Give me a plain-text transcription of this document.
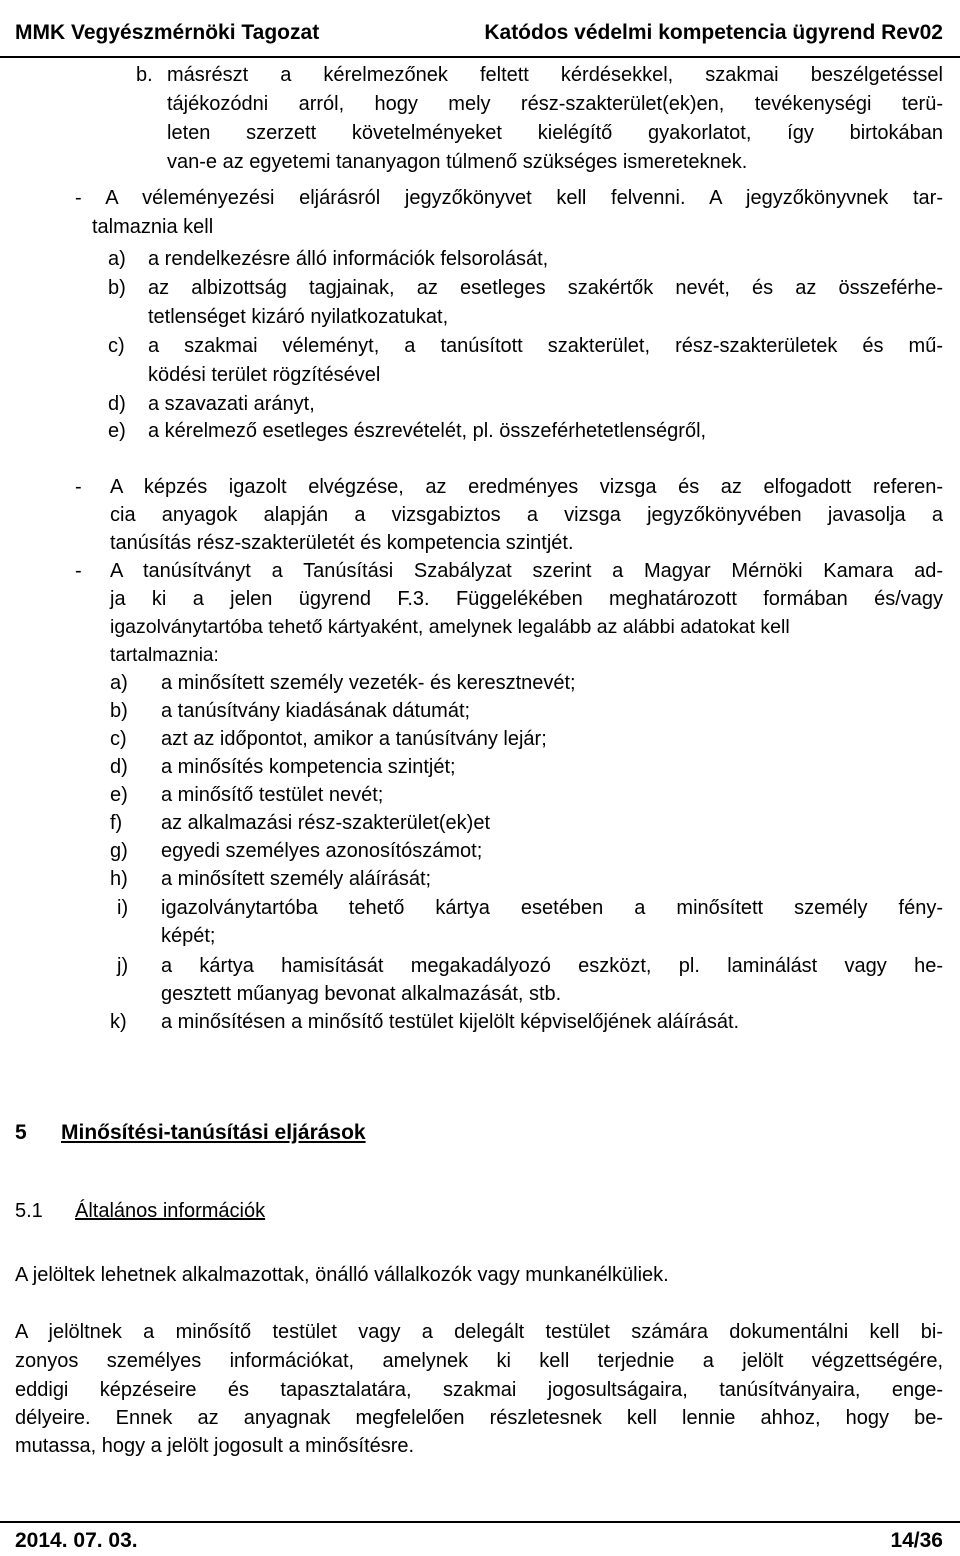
MMK Vegyészmérnöki Tagozat	Katódos védelmi kompetencia ügyrend Rev02
b. másrészt a kérelmezőnek feltett kérdésekkel, szakmai beszélgetéssel
tájékozódni arról, hogy mely rész-szakterület(ek)en, tevékenységi terü-
leten szerzett követelményeket kielégítő gyakorlatot, így birtokában
van-e az egyetemi tananyagon túlmenő szükséges ismereteknek.
- A véleményezési eljárásról jegyzőkönyvet kell felvenni. A jegyzőkönyvnek tar-
talmaznia kell
a) a rendelkezésre álló információk felsorolását,
b) az albizottság tagjainak, az esetleges szakértők nevét, és az összeférhe-
tetlenséget kizáró nyilatkozatukat,
c) a szakmai véleményt, a tanúsított szakterület, rész-szakterületek és mű-
ködési terület rögzítésével
d) a szavazati arányt,
e) a kérelmező esetleges észrevételét, pl. összeférhetetlenségről,
- A képzés igazolt elvégzése, az eredményes vizsga és az elfogadott referen-
cia anyagok alapján a vizsgabiztos a vizsga jegyzőkönyvében javasolja a
tanúsítás rész-szakterületét és kompetencia szintjét.
- A tanúsítványt a Tanúsítási Szabályzat szerint a Magyar Mérnöki Kamara ad-
ja ki a jelen ügyrend F.3. Függelékében meghatározott formában és/vagy
igazolványtartóba tehető kártyaként, amelynek legalább az alábbi adatokat kell
tartalmaznia:
a) a minősített személy vezeték- és keresztnevét;
b) a tanúsítvány kiadásának dátumát;
c) azt az időpontot, amikor a tanúsítvány lejár;
d) a minősítés kompetencia szintjét;
e) a minősítő testület nevét;
f) az alkalmazási rész-szakterület(ek)et
g) egyedi személyes azonosítószámot;
h) a minősített személy aláírását;
i) igazolványtartóba tehető kártya esetében a minősített személy fény-
képét;
j) a kártya hamisítását megakadályozó eszközt, pl. laminálást vagy he-
gesztett műanyag bevonat alkalmazását, stb.
k) a minősítésen a minősítő testület kijelölt képviselőjének aláírását.
5 Minősítési-tanúsítási eljárások
5.1 Általános információk
A jelöltek lehetnek alkalmazottak, önálló vállalkozók vagy munkanélküliek.
A jelöltnek a minősítő testület vagy a delegált testület számára dokumentálni kell bi-
zonyos személyes információkat, amelynek ki kell terjednie a jelölt végzettségére,
eddigi képzéseire és tapasztalatára, szakmai jogosultságaira, tanúsítványaira, enge-
délyeire. Ennek az anyagnak megfelelően részletesnek kell lennie ahhoz, hogy be-
mutassa, hogy a jelölt jogosult a minősítésre.
2014. 07. 03.	14/36
